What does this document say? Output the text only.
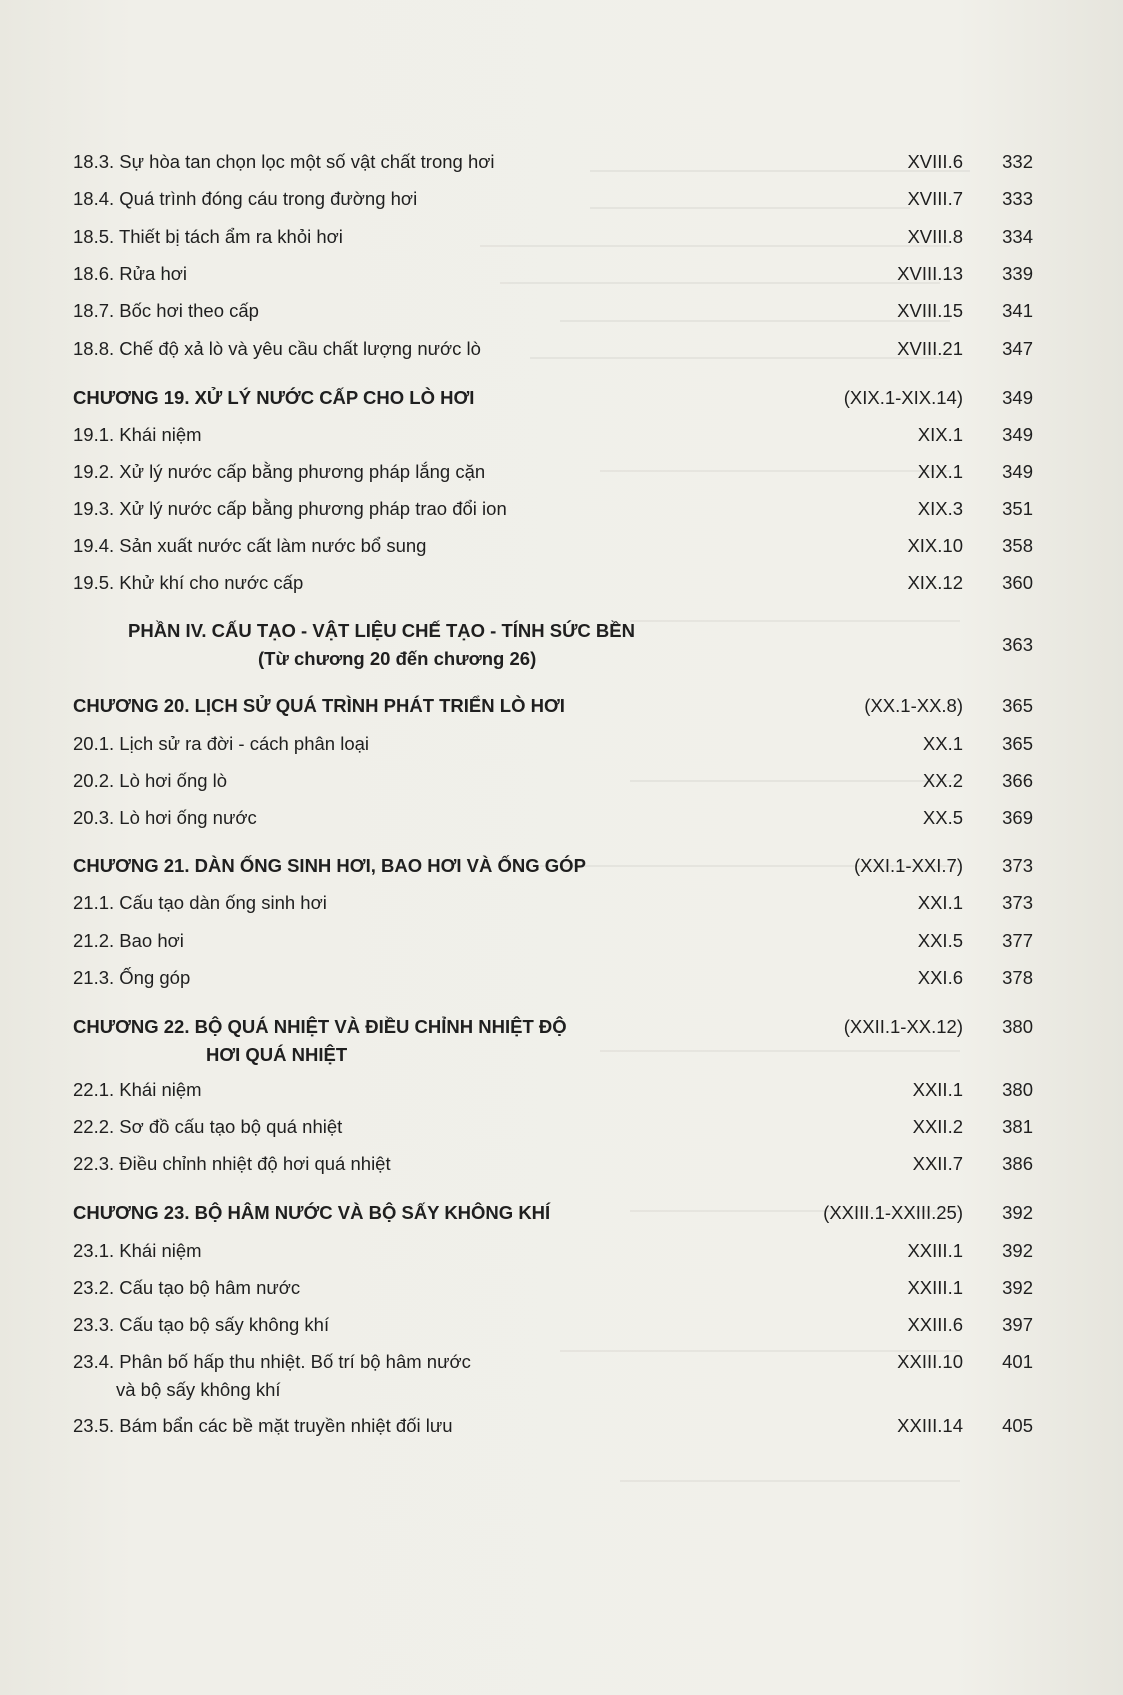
18.3. Sự hòa tan chọn lọc một số vật chất trong hơi	XVIII.6 332
18.4. Quá trình đóng cáu trong đường hơi	XVIII.7 333
18.5. Thiết bị tách ẩm ra khỏi hơi	XVIII.8 334
18.6. Rửa hơi	XVIII.13 339
18.7. Bốc hơi theo cấp	XVIII.15 341
18.8. Chế độ xả lò và yêu cầu chất lượng nước lò	XVIII.21 347
CHƯƠNG 19. XỬ LÝ NƯỚC CẤP CHO LÒ HƠI	(XIX.1-XIX.14) 349
19.1. Khái niệm	XIX.1 349
19.2. Xử lý nước cấp bằng phương pháp lắng cặn	XIX.1 349
19.3. Xử lý nước cấp bằng phương pháp trao đổi ion	XIX.3 351
19.4. Sản xuất nước cất làm nước bổ sung	XIX.10 358
19.5. Khử khí cho nước cấp	XIX.12 360
PHẦN IV. CẤU TẠO - VẬT LIỆU CHẾ TẠO - TÍNH SỨC BỀN
(Từ chương 20 đến chương 26)
363
CHƯƠNG 20. LỊCH SỬ QUÁ TRÌNH PHÁT TRIỂN LÒ HƠI	(XX.1-XX.8) 365
20.1. Lịch sử ra đời - cách phân loại	XX.1 365
20.2. Lò hơi ống lò	XX.2 366
20.3. Lò hơi ống nước	XX.5 369
CHƯƠNG 21. DÀN ỐNG SINH HƠI, BAO HƠI VÀ ỐNG GÓP	(XXI.1-XXI.7) 373
21.1. Cấu tạo dàn ống sinh hơi	XXI.1 373
21.2. Bao hơi	XXI.5 377
21.3. Ống góp	XXI.6 378
CHƯƠNG 22. BỘ QUÁ NHIỆT VÀ ĐIỀU CHỈNH NHIỆT ĐỘ
HƠI QUÁ NHIỆT
(XXII.1-XX.12) 380
22.1. Khái niệm	XXII.1 380
22.2. Sơ đồ cấu tạo bộ quá nhiệt	XXII.2 381
22.3. Điều chỉnh nhiệt độ hơi quá nhiệt	XXII.7 386
CHƯƠNG 23. BỘ HÂM NƯỚC VÀ BỘ SẤY KHÔNG KHÍ	(XXIII.1-XXIII.25) 392
23.1. Khái niệm	XXIII.1 392
23.2. Cấu tạo bộ hâm nước	XXIII.1 392
23.3. Cấu tạo bộ sấy không khí	XXIII.6 397
23.4. Phân bố hấp thu nhiệt. Bố trí bộ hâm nước
và bộ sấy không khí
XXIII.10 401
23.5. Bám bẩn các bề mặt truyền nhiệt đối lưu	XXIII.14 405
